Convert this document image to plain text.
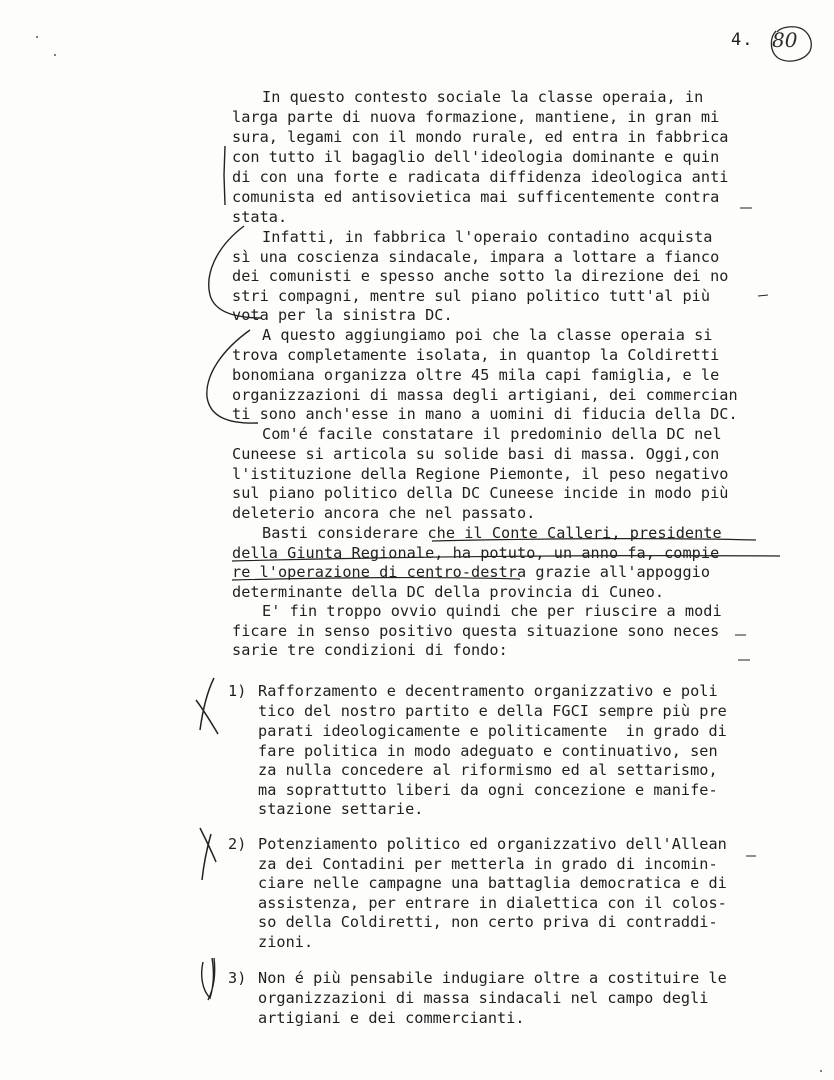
4. 80
In questo contesto sociale la classe operaia, in
larga parte di nuova formazione, mantiene, in gran mi
sura, legami con il mondo rurale, ed entra in fabbrica
con tutto il bagaglio dell'ideologia dominante e quin
di con una forte e radicata diffidenza ideologica anti
comunista ed antisovietica mai sufficentemente contra
stata.
Infatti, in fabbrica l'operaio contadino acquista
sì una coscienza sindacale, impara a lottare a fianco
dei comunisti e spesso anche sotto la direzione dei no
stri compagni, mentre sul piano politico tutt'al più
vota per la sinistra DC.
A questo aggiungiamo poi che la classe operaia si
trova completamente isolata, in quantop la Coldiretti
bonomiana organizza oltre 45 mila capi famiglia, e le
organizzazioni di massa degli artigiani, dei commercian
ti sono anch'esse in mano a uomini di fiducia della DC.
Com'é facile constatare il predominio della DC nel
Cuneese si articola su solide basi di massa. Oggi,con
l'istituzione della Regione Piemonte, il peso negativo
sul piano politico della DC Cuneese incide in modo più
deleterio ancora che nel passato.
Basti considerare che il Conte Calleri, presidente
della Giunta Regionale, ha potuto, un anno fa, compie
re l'operazione di centro-destra grazie all'appoggio
determinante della DC della provincia di Cuneo.
E' fin troppo ovvio quindi che per riuscire a modi
ficare in senso positivo questa situazione sono neces
sarie tre condizioni di fondo:
1) Rafforzamento e decentramento organizzativo e poli
tico del nostro partito e della FGCI sempre più pre
parati ideologicamente e politicamente  in grado di
fare politica in modo adeguato e continuativo, sen
za nulla concedere al riformismo ed al settarismo,
ma soprattutto liberi da ogni concezione e manife-
stazione settarie.
2) Potenziamento politico ed organizzativo dell'Allean
za dei Contadini per metterla in grado di incomin-
ciare nelle campagne una battaglia democratica e di
assistenza, per entrare in dialettica con il colos-
so della Coldiretti, non certo priva di contraddi-
zioni.
3) Non é più pensabile indugiare oltre a costituire le
organizzazioni di massa sindacali nel campo degli
artigiani e dei commercianti.
